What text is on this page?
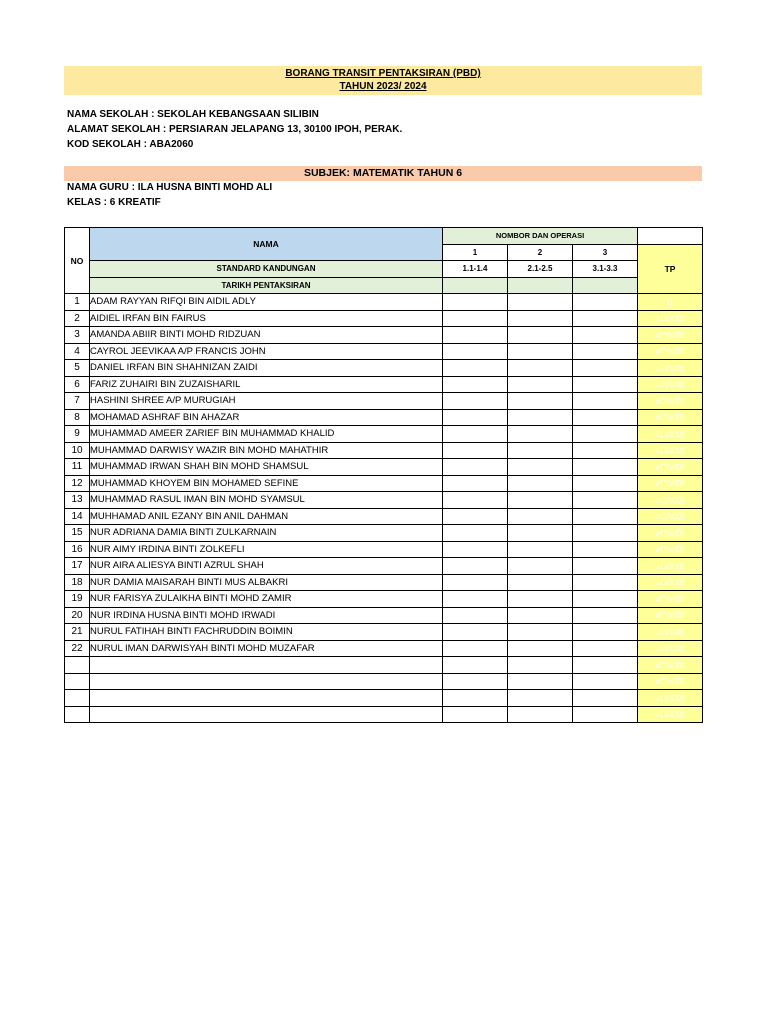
BORANG TRANSIT PENTAKSIRAN (PBD)
TAHUN 2023/ 2024
NAMA SEKOLAH : SEKOLAH KEBANGSAAN SILIBIN
ALAMAT SEKOLAH : PERSIARAN JELAPANG 13, 30100 IPOH, PERAK.
KOD SEKOLAH : ABA2060
SUBJEK: MATEMATIK TAHUN 6
NAMA GURU : ILA HUSNA BINTI MOHD ALI
KELAS : 6 KREATIF
NO	NAMA	NOMBOR DAN OPERASI			
		1	2	3	TP
	STANDARD KANDUNGAN	1.1-1.4	2.1-2.5	3.1-3.3	
	TARIKH PENTAKSIRAN				
1	ADAM RAYYAN RIFQI BIN AIDIL ADLY				0
2	AIDIEL IRFAN BIN FAIRUS				#DIV/0!
3	AMANDA ABIIR BINTI MOHD RIDZUAN				#DIV/0!
4	CAYROL JEEVIKAA A/P FRANCIS JOHN				#DIV/0!
5	DANIEL IRFAN BIN SHAHNIZAN ZAIDI				#DIV/0!
6	FARIZ ZUHAIRI BIN ZUZAISHARIL				#DIV/0!
7	HASHINI SHREE A/P MURUGIAH				#DIV/0!
8	MOHAMAD ASHRAF BIN AHAZAR				#DIV/0!
9	MUHAMMAD AMEER ZARIEF BIN MUHAMMAD KHALID				#DIV/0!
10	MUHAMMAD DARWISY WAZIR BIN MOHD MAHATHIR				#DIV/0!
11	MUHAMMAD IRWAN SHAH BIN MOHD SHAMSUL				#DIV/0!
12	MUHAMMAD KHOYEM BIN MOHAMED SEFINE				#DIV/0!
13	MUHAMMAD RASUL IMAN BIN MOHD SYAMSUL				#DIV/0!
14	MUHHAMAD ANIL EZANY BIN ANIL DAHMAN				#DIV/0!
15	NUR ADRIANA DAMIA BINTI ZULKARNAIN				#DIV/0!
16	NUR AIMY IRDINA BINTI ZOLKEFLI				#DIV/0!
17	NUR AIRA ALIESYA BINTI AZRUL SHAH				#DIV/0!
18	NUR DAMIA MAISARAH BINTI MUS ALBAKRI				#DIV/0!
19	NUR FARISYA ZULAIKHA BINTI MOHD ZAMIR				#DIV/0!
20	NUR IRDINA HUSNA BINTI MOHD IRWADI				#DIV/0!
21	NURUL FATIHAH BINTI FACHRUDDIN BOIMIN				#DIV/0!
22	NURUL IMAN DARWISYAH BINTI MOHD MUZAFAR				#DIV/0!
					#DIV/0!
					#DIV/0!
					#DIV/0!
					#DIV/0!
